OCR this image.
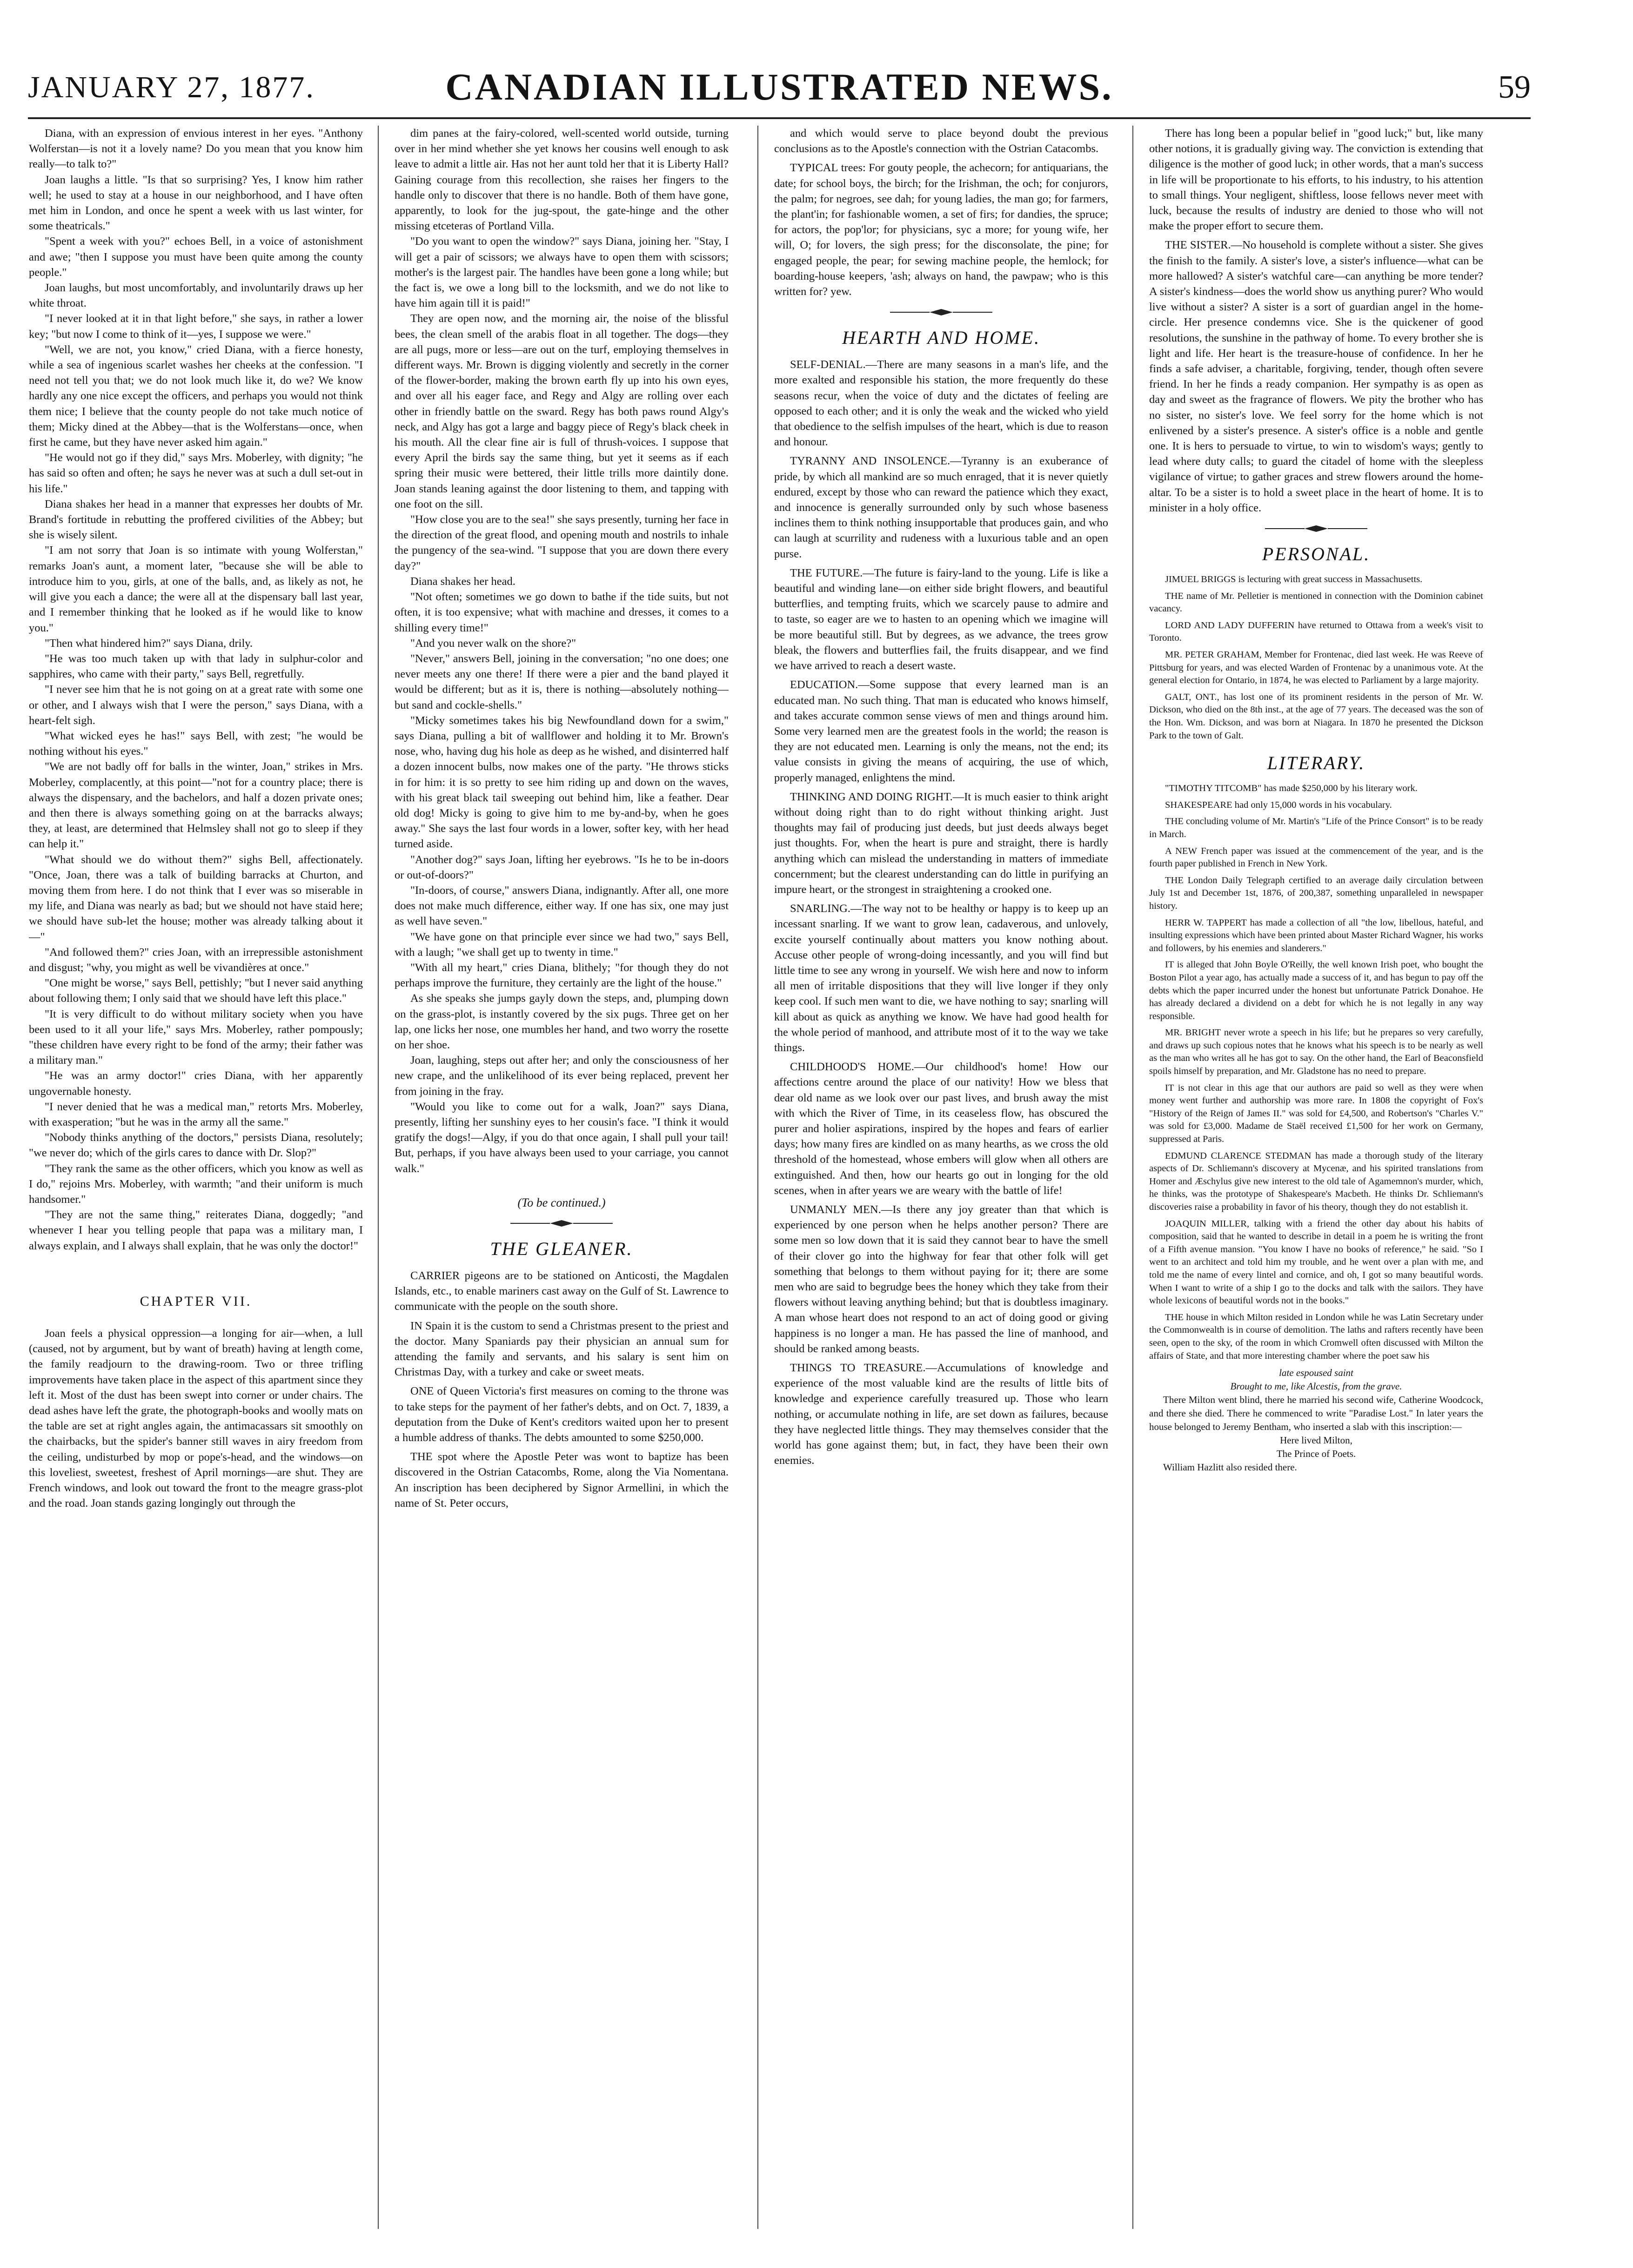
JANUARY 27, 1877.	CANADIAN ILLUSTRATED NEWS.	59

Diana, with an expression of envious interest in her eyes. "Anthony Wolferstan—is not it a lovely name? Do you mean that you know him really—to talk to?"

Joan laughs a little. "Is that so surprising? Yes, I know him rather well; he used to stay at a house in our neighborhood, and I have often met him in London, and once he spent a week with us last winter, for some theatricals."

"Spent a week with you?" echoes Bell, in a voice of astonishment and awe; "then I suppose you must have been quite among the county people."

Joan laughs, but most uncomfortably, and involuntarily draws up her white throat.

"I never looked at it in that light before," she says, in rather a lower key; "but now I come to think of it—yes, I suppose we were."

"Well, we are not, you know," cried Diana, with a fierce honesty, while a sea of ingenious scarlet washes her cheeks at the confession. "I need not tell you that; we do not look much like it, do we? We know hardly any one nice except the officers, and perhaps you would not think them nice; I believe that the county people do not take much notice of them; Micky dined at the Abbey—that is the Wolferstans—once, when first he came, but they have never asked him again."

"He would not go if they did," says Mrs. Moberley, with dignity; "he has said so often and often; he says he never was at such a dull set-out in his life."

Diana shakes her head in a manner that expresses her doubts of Mr. Brand's fortitude in rebutting the proffered civilities of the Abbey; but she is wisely silent.

"I am not sorry that Joan is so intimate with young Wolferstan," remarks Joan's aunt, a moment later, "because she will be able to introduce him to you, girls, at one of the balls, and, as likely as not, he will give you each a dance; the were all at the dispensary ball last year, and I remember thinking that he looked as if he would like to know you."

"Then what hindered him?" says Diana, drily.

"He was too much taken up with that lady in sulphur-color and sapphires, who came with their party," says Bell, regretfully.

"I never see him that he is not going on at a great rate with some one or other, and I always wish that I were the person," says Diana, with a heart-felt sigh.

"What wicked eyes he has!" says Bell, with zest; "he would be nothing without his eyes."

"We are not badly off for balls in the winter, Joan," strikes in Mrs. Moberley, complacently, at this point—"not for a country place; there is always the dispensary, and the bachelors, and half a dozen private ones; and then there is always something going on at the barracks always; they, at least, are determined that Helmsley shall not go to sleep if they can help it."

"What should we do without them?" sighs Bell, affectionately. "Once, Joan, there was a talk of building barracks at Churton, and moving them from here. I do not think that I ever was so miserable in my life, and Diana was nearly as bad; but we should not have staid here; we should have sub-let the house; mother was already talking about it—"

"And followed them?" cries Joan, with an irrepressible astonishment and disgust; "why, you might as well be vivandières at once."

"One might be worse," says Bell, pettishly; "but I never said anything about following them; I only said that we should have left this place."

"It is very difficult to do without military society when you have been used to it all your life," says Mrs. Moberley, rather pompously; "these children have every right to be fond of the army; their father was a military man."

"He was an army doctor!" cries Diana, with her apparently ungovernable honesty.

"I never denied that he was a medical man," retorts Mrs. Moberley, with exasperation; "but he was in the army all the same."

"Nobody thinks anything of the doctors," persists Diana, resolutely; "we never do; which of the girls cares to dance with Dr. Slop?"

"They rank the same as the other officers, which you know as well as I do," rejoins Mrs. Moberley, with warmth; "and their uniform is much handsomer."

"They are not the same thing," reiterates Diana, doggedly; "and whenever I hear you telling people that papa was a military man, I always explain, and I always shall explain, that he was only the doctor!"

CHAPTER VII.

Joan feels a physical oppression—a longing for air—when, a lull (caused, not by argument, but by want of breath) having at length come, the family readjourn to the drawing-room. Two or three trifling improvements have taken place in the aspect of this apartment since they left it. Most of the dust has been swept into corner or under chairs. The dead ashes have left the grate, the photograph-books and woolly mats on the table are set at right angles again, the antimacassars sit smoothly on the chairbacks, but the spider's banner still waves in airy freedom from the ceiling, undisturbed by mop or pope's-head, and the windows—on this loveliest, sweetest, freshest of April mornings—are shut. They are French windows, and look out toward the front to the meagre grass-plot and the road. Joan stands gazing longingly out through the

dim panes at the fairy-colored, well-scented world outside, turning over in her mind whether she yet knows her cousins well enough to ask leave to admit a little air. Has not her aunt told her that it is Liberty Hall? Gaining courage from this recollection, she raises her fingers to the handle only to discover that there is no handle. Both of them have gone, apparently, to look for the jug-spout, the gate-hinge and the other missing etceteras of Portland Villa.

"Do you want to open the window?" says Diana, joining her. "Stay, I will get a pair of scissors; we always have to open them with scissors; mother's is the largest pair. The handles have been gone a long while; but the fact is, we owe a long bill to the locksmith, and we do not like to have him again till it is paid!"

They are open now, and the morning air, the noise of the blissful bees, the clean smell of the arabis float in all together. The dogs—they are all pugs, more or less—are out on the turf, employing themselves in different ways. Mr. Brown is digging violently and secretly in the corner of the flower-border, making the brown earth fly up into his own eyes, and over all his eager face, and Regy and Algy are rolling over each other in friendly battle on the sward. Regy has both paws round Algy's neck, and Algy has got a large and baggy piece of Regy's black cheek in his mouth. All the clear fine air is full of thrush-voices. I suppose that every April the birds say the same thing, but yet it seems as if each spring their music were bettered, their little trills more daintily done. Joan stands leaning against the door listening to them, and tapping with one foot on the sill.

"How close you are to the sea!" she says presently, turning her face in the direction of the great flood, and opening mouth and nostrils to inhale the pungency of the sea-wind. "I suppose that you are down there every day?"

Diana shakes her head.

"Not often; sometimes we go down to bathe if the tide suits, but not often, it is too expensive; what with machine and dresses, it comes to a shilling every time!"

"And you never walk on the shore?"

"Never," answers Bell, joining in the conversation; "no one does; one never meets any one there! If there were a pier and the band played it would be different; but as it is, there is nothing—absolutely nothing—but sand and cockle-shells."

"Micky sometimes takes his big Newfoundland down for a swim," says Diana, pulling a bit of wallflower and holding it to Mr. Brown's nose, who, having dug his hole as deep as he wished, and disinterred half a dozen innocent bulbs, now makes one of the party. "He throws sticks in for him: it is so pretty to see him riding up and down on the waves, with his great black tail sweeping out behind him, like a feather. Dear old dog! Micky is going to give him to me by-and-by, when he goes away." She says the last four words in a lower, softer key, with her head turned aside.

"Another dog?" says Joan, lifting her eyebrows. "Is he to be in-doors or out-of-doors?"

"In-doors, of course," answers Diana, indignantly. After all, one more does not make much difference, either way. If one has six, one may just as well have seven."

"We have gone on that principle ever since we had two," says Bell, with a laugh; "we shall get up to twenty in time."

"With all my heart," cries Diana, blithely; "for though they do not perhaps improve the furniture, they certainly are the light of the house."

As she speaks she jumps gayly down the steps, and, plumping down on the grass-plot, is instantly covered by the six pugs. Three get on her lap, one licks her nose, one mumbles her hand, and two worry the rosette on her shoe.

Joan, laughing, steps out after her; and only the consciousness of her new crape, and the unlikelihood of its ever being replaced, prevent her from joining in the fray.

"Would you like to come out for a walk, Joan?" says Diana, presently, lifting her sunshiny eyes to her cousin's face. "I think it would gratify the dogs!—Algy, if you do that once again, I shall pull your tail! But, perhaps, if you have always been used to your carriage, you cannot walk."

(To be continued.)
THE GLEANER.

CARRIER pigeons are to be stationed on Anticosti, the Magdalen Islands, etc., to enable mariners cast away on the Gulf of St. Lawrence to communicate with the people on the south shore.

IN Spain it is the custom to send a Christmas present to the priest and the doctor. Many Spaniards pay their physician an annual sum for attending the family and servants, and his salary is sent him on Christmas Day, with a turkey and cake or sweet meats.

ONE of Queen Victoria's first measures on coming to the throne was to take steps for the payment of her father's debts, and on Oct. 7, 1839, a deputation from the Duke of Kent's creditors waited upon her to present a humble address of thanks. The debts amounted to some $250,000.

THE spot where the Apostle Peter was wont to baptize has been discovered in the Ostrian Catacombs, Rome, along the Via Nomentana. An inscription has been deciphered by Signor Armellini, in which the name of St. Peter occurs,

and which would serve to place beyond doubt the previous conclusions as to the Apostle's connection with the Ostrian Catacombs.

TYPICAL trees: For gouty people, the achecorn; for antiquarians, the date; for school boys, the birch; for the Irishman, the och; for conjurors, the palm; for negroes, see dah; for young ladies, the man go; for farmers, the plant'in; for fashionable women, a set of firs; for dandies, the spruce; for actors, the pop'lor; for physicians, syc a more; for young wife, her will, O; for lovers, the sigh press; for the disconsolate, the pine; for engaged people, the pear; for sewing machine people, the hemlock; for boarding-house keepers, 'ash; always on hand, the pawpaw; who is this written for? yew.

HEARTH AND HOME.

SELF-DENIAL.—There are many seasons in a man's life, and the more exalted and responsible his station, the more frequently do these seasons recur, when the voice of duty and the dictates of feeling are opposed to each other; and it is only the weak and the wicked who yield that obedience to the selfish impulses of the heart, which is due to reason and honour.

TYRANNY AND INSOLENCE.—Tyranny is an exuberance of pride, by which all mankind are so much enraged, that it is never quietly endured, except by those who can reward the patience which they exact, and innocence is generally surrounded only by such whose baseness inclines them to think nothing insupportable that produces gain, and who can laugh at scurrility and rudeness with a luxurious table and an open purse.

THE FUTURE.—The future is fairy-land to the young. Life is like a beautiful and winding lane—on either side bright flowers, and beautiful butterflies, and tempting fruits, which we scarcely pause to admire and to taste, so eager are we to hasten to an opening which we imagine will be more beautiful still. But by degrees, as we advance, the trees grow bleak, the flowers and butterflies fail, the fruits disappear, and we find we have arrived to reach a desert waste.

EDUCATION.—Some suppose that every learned man is an educated man. No such thing. That man is educated who knows himself, and takes accurate common sense views of men and things around him. Some very learned men are the greatest fools in the world; the reason is they are not educated men. Learning is only the means, not the end; its value consists in giving the means of acquiring, the use of which, properly managed, enlightens the mind.

THINKING AND DOING RIGHT.—It is much easier to think aright without doing right than to do right without thinking aright. Just thoughts may fail of producing just deeds, but just deeds always beget just thoughts. For, when the heart is pure and straight, there is hardly anything which can mislead the understanding in matters of immediate concernment; but the clearest understanding can do little in purifying an impure heart, or the strongest in straightening a crooked one.

SNARLING.—The way not to be healthy or happy is to keep up an incessant snarling. If we want to grow lean, cadaverous, and unlovely, excite yourself continually about matters you know nothing about. Accuse other people of wrong-doing incessantly, and you will find but little time to see any wrong in yourself. We wish here and now to inform all men of irritable dispositions that they will live longer if they only keep cool. If such men want to die, we have nothing to say; snarling will kill about as quick as anything we know. We have had good health for the whole period of manhood, and attribute most of it to the way we take things.

CHILDHOOD'S HOME.—Our childhood's home! How our affections centre around the place of our nativity! How we bless that dear old name as we look over our past lives, and brush away the mist with which the River of Time, in its ceaseless flow, has obscured the purer and holier aspirations, inspired by the hopes and fears of earlier days; how many fires are kindled on as many hearths, as we cross the old threshold of the homestead, whose embers will glow when all others are extinguished. And then, how our hearts go out in longing for the old scenes, when in after years we are weary with the battle of life!

UNMANLY MEN.—Is there any joy greater than that which is experienced by one person when he helps another person? There are some men so low down that it is said they cannot bear to have the smell of their clover go into the highway for fear that other folk will get something that belongs to them without paying for it; there are some men who are said to begrudge bees the honey which they take from their flowers without leaving anything behind; but that is doubtless imaginary. A man whose heart does not respond to an act of doing good or giving happiness is no longer a man. He has passed the line of manhood, and should be ranked among beasts.

THINGS TO TREASURE.—Accumulations of knowledge and experience of the most valuable kind are the results of little bits of knowledge and experience carefully treasured up. Those who learn nothing, or accumulate nothing in life, are set down as failures, because they have neglected little things. They may themselves consider that the world has gone against them; but, in fact, they have been their own enemies.

There has long been a popular belief in "good luck;" but, like many other notions, it is gradually giving way. The conviction is extending that diligence is the mother of good luck; in other words, that a man's success in life will be proportionate to his efforts, to his industry, to his attention to small things. Your negligent, shiftless, loose fellows never meet with luck, because the results of industry are denied to those who will not make the proper effort to secure them.

THE SISTER.—No household is complete without a sister. She gives the finish to the family. A sister's love, a sister's influence—what can be more hallowed? A sister's watchful care—can anything be more tender? A sister's kindness—does the world show us anything purer? Who would live without a sister? A sister is a sort of guardian angel in the home-circle. Her presence condemns vice. She is the quickener of good resolutions, the sunshine in the pathway of home. To every brother she is light and life. Her heart is the treasure-house of confidence. In her he finds a safe adviser, a charitable, forgiving, tender, though often severe friend. In her he finds a ready companion. Her sympathy is as open as day and sweet as the fragrance of flowers. We pity the brother who has no sister, no sister's love. We feel sorry for the home which is not enlivened by a sister's presence. A sister's office is a noble and gentle one. It is hers to persuade to virtue, to win to wisdom's ways; gently to lead where duty calls; to guard the citadel of home with the sleepless vigilance of virtue; to gather graces and strew flowers around the home-altar. To be a sister is to hold a sweet place in the heart of home. It is to minister in a holy office.

PERSONAL.

JIMUEL BRIGGS is lecturing with great success in Massachusetts.

THE name of Mr. Pelletier is mentioned in connection with the Dominion cabinet vacancy.

LORD AND LADY DUFFERIN have returned to Ottawa from a week's visit to Toronto.

MR. PETER GRAHAM, Member for Frontenac, died last week. He was Reeve of Pittsburg for years, and was elected Warden of Frontenac by a unanimous vote. At the general election for Ontario, in 1874, he was elected to Parliament by a large majority.

GALT, ONT., has lost one of its prominent residents in the person of Mr. W. Dickson, who died on the 8th inst., at the age of 77 years. The deceased was the son of the Hon. Wm. Dickson, and was born at Niagara. In 1870 he presented the Dickson Park to the town of Galt.

LITERARY.

"TIMOTHY TITCOMB" has made $250,000 by his literary work.

SHAKESPEARE had only 15,000 words in his vocabulary.

THE concluding volume of Mr. Martin's "Life of the Prince Consort" is to be ready in March.

A NEW French paper was issued at the commencement of the year, and is the fourth paper published in French in New York.

THE London Daily Telegraph certified to an average daily circulation between July 1st and December 1st, 1876, of 200,387, something unparalleled in newspaper history.

HERR W. TAPPERT has made a collection of all "the low, libellous, hateful, and insulting expressions which have been printed about Master Richard Wagner, his works and followers, by his enemies and slanderers."

IT is alleged that John Boyle O'Reilly, the well known Irish poet, who bought the Boston Pilot a year ago, has actually made a success of it, and has begun to pay off the debts which the paper incurred under the honest but unfortunate Patrick Donahoe. He has already declared a dividend on a debt for which he is not legally in any way responsible.

MR. BRIGHT never wrote a speech in his life; but he prepares so very carefully, and draws up such copious notes that he knows what his speech is to be nearly as well as the man who writes all he has got to say. On the other hand, the Earl of Beaconsfield spoils himself by preparation, and Mr. Gladstone has no need to prepare.

IT is not clear in this age that our authors are paid so well as they were when money went further and authorship was more rare. In 1808 the copyright of Fox's "History of the Reign of James II." was sold for £4,500, and Robertson's "Charles V." was sold for £3,000. Madame de Staël received £1,500 for her work on Germany, suppressed at Paris.

EDMUND CLARENCE STEDMAN has made a thorough study of the literary aspects of Dr. Schliemann's discovery at Mycenæ, and his spirited translations from Homer and Æschylus give new interest to the old tale of Agamemnon's murder, which, he thinks, was the prototype of Shakespeare's Macbeth. He thinks Dr. Schliemann's discoveries raise a probability in favor of his theory, though they do not establish it.

JOAQUIN MILLER, talking with a friend the other day about his habits of composition, said that he wanted to describe in detail in a poem he is writing the front of a Fifth avenue mansion. "You know I have no books of reference," he said. "So I went to an architect and told him my trouble, and he went over a plan with me, and told me the name of every lintel and cornice, and oh, I got so many beautiful words. When I want to write of a ship I go to the docks and talk with the sailors. They have whole lexicons of beautiful words not in the books."

THE house in which Milton resided in London while he was Latin Secretary under the Commonwealth is in course of demolition. The laths and rafters recently have been seen, open to the sky, of the room in which Cromwell often discussed with Milton the affairs of State, and that more interesting chamber where the poet saw his

late espoused saint
Brought to me, like Alcestis, from the grave.
There Milton went blind, there he married his second wife, Catherine Woodcock, and there she died. There he commenced to write "Paradise Lost." In later years the house belonged to Jeremy Bentham, who inserted a slab with this inscription:—
Here lived Milton,
The Prince of Poets.
William Hazlitt also resided there.
